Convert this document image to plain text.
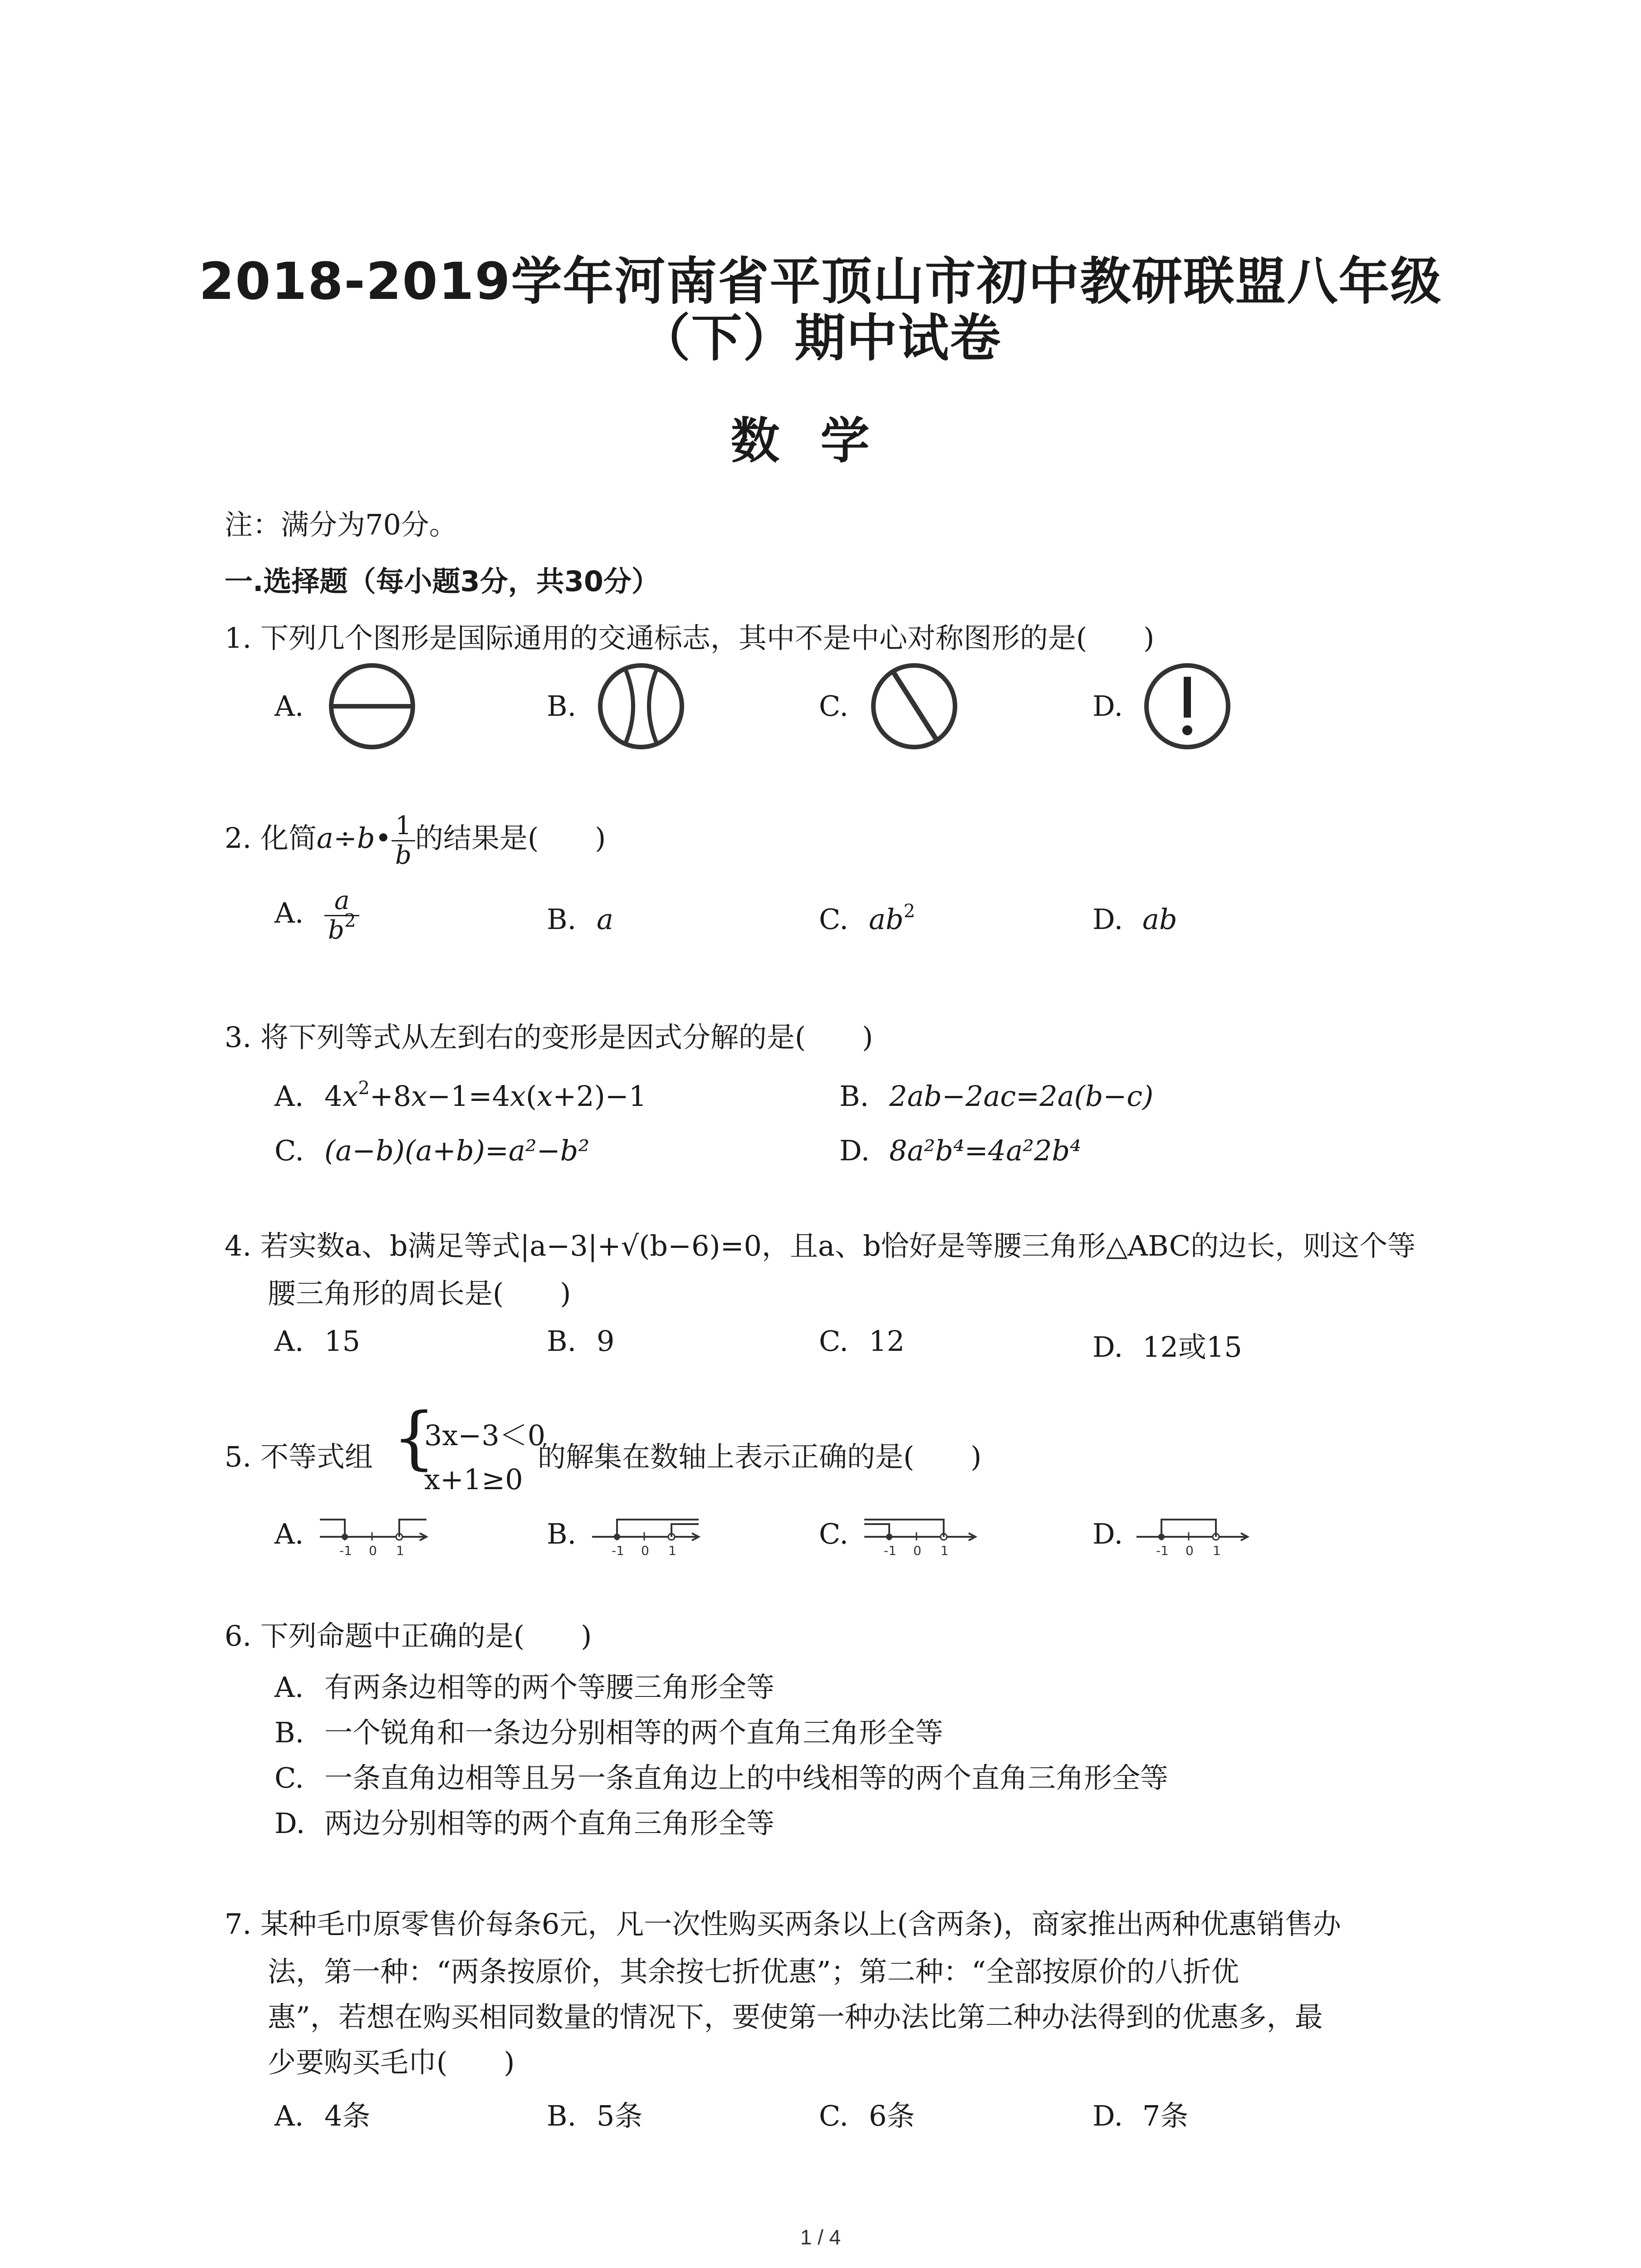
2018-2019学年河南省平顶山市初中教研联盟八年级
（下）期中试卷
数学
注：满分为70分。
一.选择题（每小题3分，共30分）
1. 下列几个图形是国际通用的交通标志，其中不是中心对称图形的是(　　)
A.	B.	C.	D.
2. 化简a÷b• $\frac{1}{b}$ 的结果是(　　)
A. $\frac{a}{b^2}$	B. a	C. $ab^2$	D. ab
3. 将下列等式从左到右的变形是因式分解的是(　　)
A. $4x^2+8x-1=4x(x+2)-1$	B. 2ab−2ac=2a(b−c)
C. (a−b)(a+b)=a²−b²	D. 8a²b⁴=4a²2b⁴
4. 若实数a、b满足等式|a−3|+√(b−6)=0，且a、b恰好是等腰三角形△ABC的边长，则这个等
腰三角形的周长是(　　)
A. 15	B. 9	C. 12	D. 12或15
5. 不等式组 {
3x−3＜0
x+1≥0
的解集在数轴上表示正确的是(　　)
A.	B.	C.	D.
-1 0 1	-1 0 1	-1 0 1	-1 0 1
6. 下列命题中正确的是(　　)
A. 有两条边相等的两个等腰三角形全等
B. 一个锐角和一条边分别相等的两个直角三角形全等
C. 一条直角边相等且另一条直角边上的中线相等的两个直角三角形全等
D. 两边分别相等的两个直角三角形全等
7. 某种毛巾原零售价每条6元，凡一次性购买两条以上(含两条)，商家推出两种优惠销售办
法，第一种：“两条按原价，其余按七折优惠”；第二种：“全部按原价的八折优
惠”，若想在购买相同数量的情况下，要使第一种办法比第二种办法得到的优惠多，最
少要购买毛巾(　　)
A. 4条	B. 5条	C. 6条	D. 7条
1 / 4
